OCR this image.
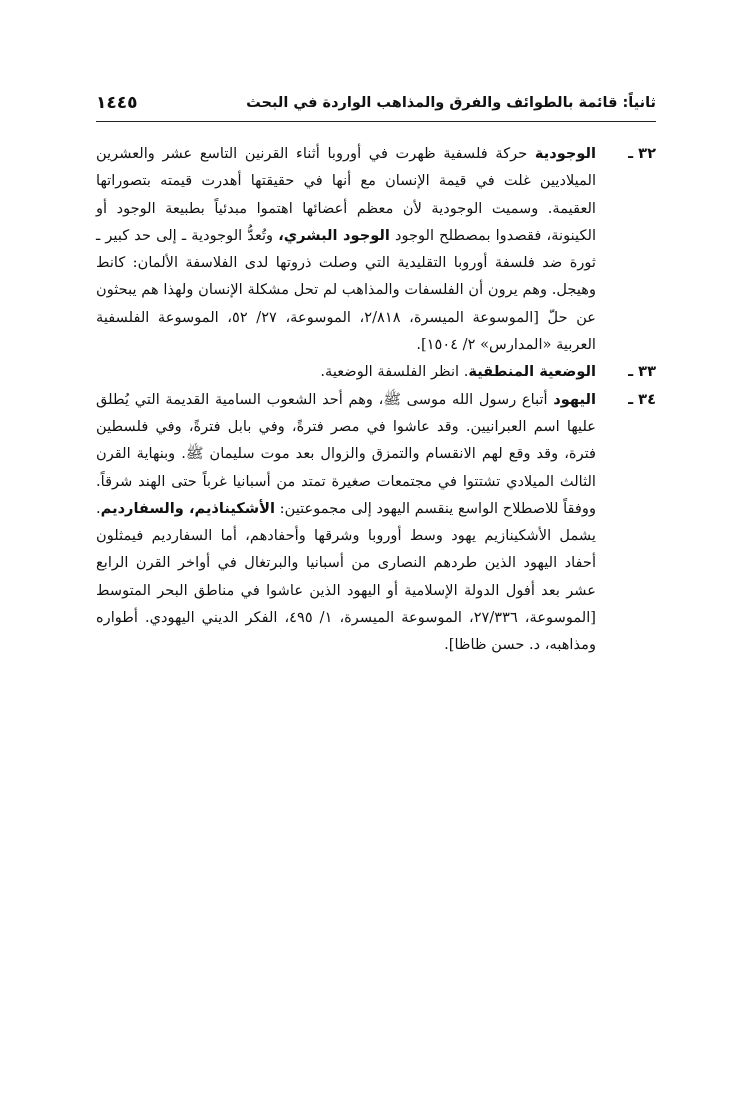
ثانياً: قائمة بالطوائف والفرق والمذاهب الواردة في البحث
١٤٤٥
٣٢ ـ
الوجودية حركة فلسفية ظهرت في أوروبا أثناء القرنين التاسع عشر والعشرين الميلاديين غلت في قيمة الإنسان مع أنها في حقيقتها أهدرت قيمته بتصوراتها العقيمة. وسميت الوجودية لأن معظم أعضائها اهتموا مبدئياً بطبيعة الوجود أو الكينونة، فقصدوا بمصطلح الوجود الوجود البشري، وتُعدُّ الوجودية ـ إلى حد كبير ـ ثورة ضد فلسفة أوروبا التقليدية التي وصلت ذروتها لدى الفلاسفة الألمان: كانط وهيجل. وهم يرون أن الفلسفات والمذاهب لم تحل مشكلة الإنسان ولهذا هم يبحثون عن حلّ [الموسوعة الميسرة، ٢/٨١٨، الموسوعة، ٢٧/ ٥٢، الموسوعة الفلسفية العربية «المدارس» ٢/ ١٥٠٤].
٣٣ ـ
الوضعية المنطقية. انظر الفلسفة الوضعية.
٣٤ ـ
اليهود أتباع رسول الله موسى ﷺ، وهم أحد الشعوب السامية القديمة التي يُطلق عليها اسم العبرانيين. وقد عاشوا في مصر فترةً، وفي بابل فترةً، وفي فلسطين فترة، وقد وقع لهم الانقسام والتمزق والزوال بعد موت سليمان ﷺ. وبنهاية القرن الثالث الميلادي تشتتوا في مجتمعات صغيرة تمتد من أسبانيا غرباً حتى الهند شرقاً. ووفقاً للاصطلاح الواسع ينقسم اليهود إلى مجموعتين: الأشكيناذيم، والسفارديم. يشمل الأشكينازيم يهود وسط أوروبا وشرقها وأحفادهم، أما السفارديم فيمثلون أحفاد اليهود الذين طردهم النصارى من أسبانيا والبرتغال في أواخر القرن الرابع عشر بعد أفول الدولة الإسلامية أو اليهود الذين عاشوا في مناطق البحر المتوسط [الموسوعة، ٢٧/٣٣٦، الموسوعة الميسرة، ١/ ٤٩٥، الفكر الديني اليهودي. أطواره ومذاهبه، د. حسن ظاظا].
